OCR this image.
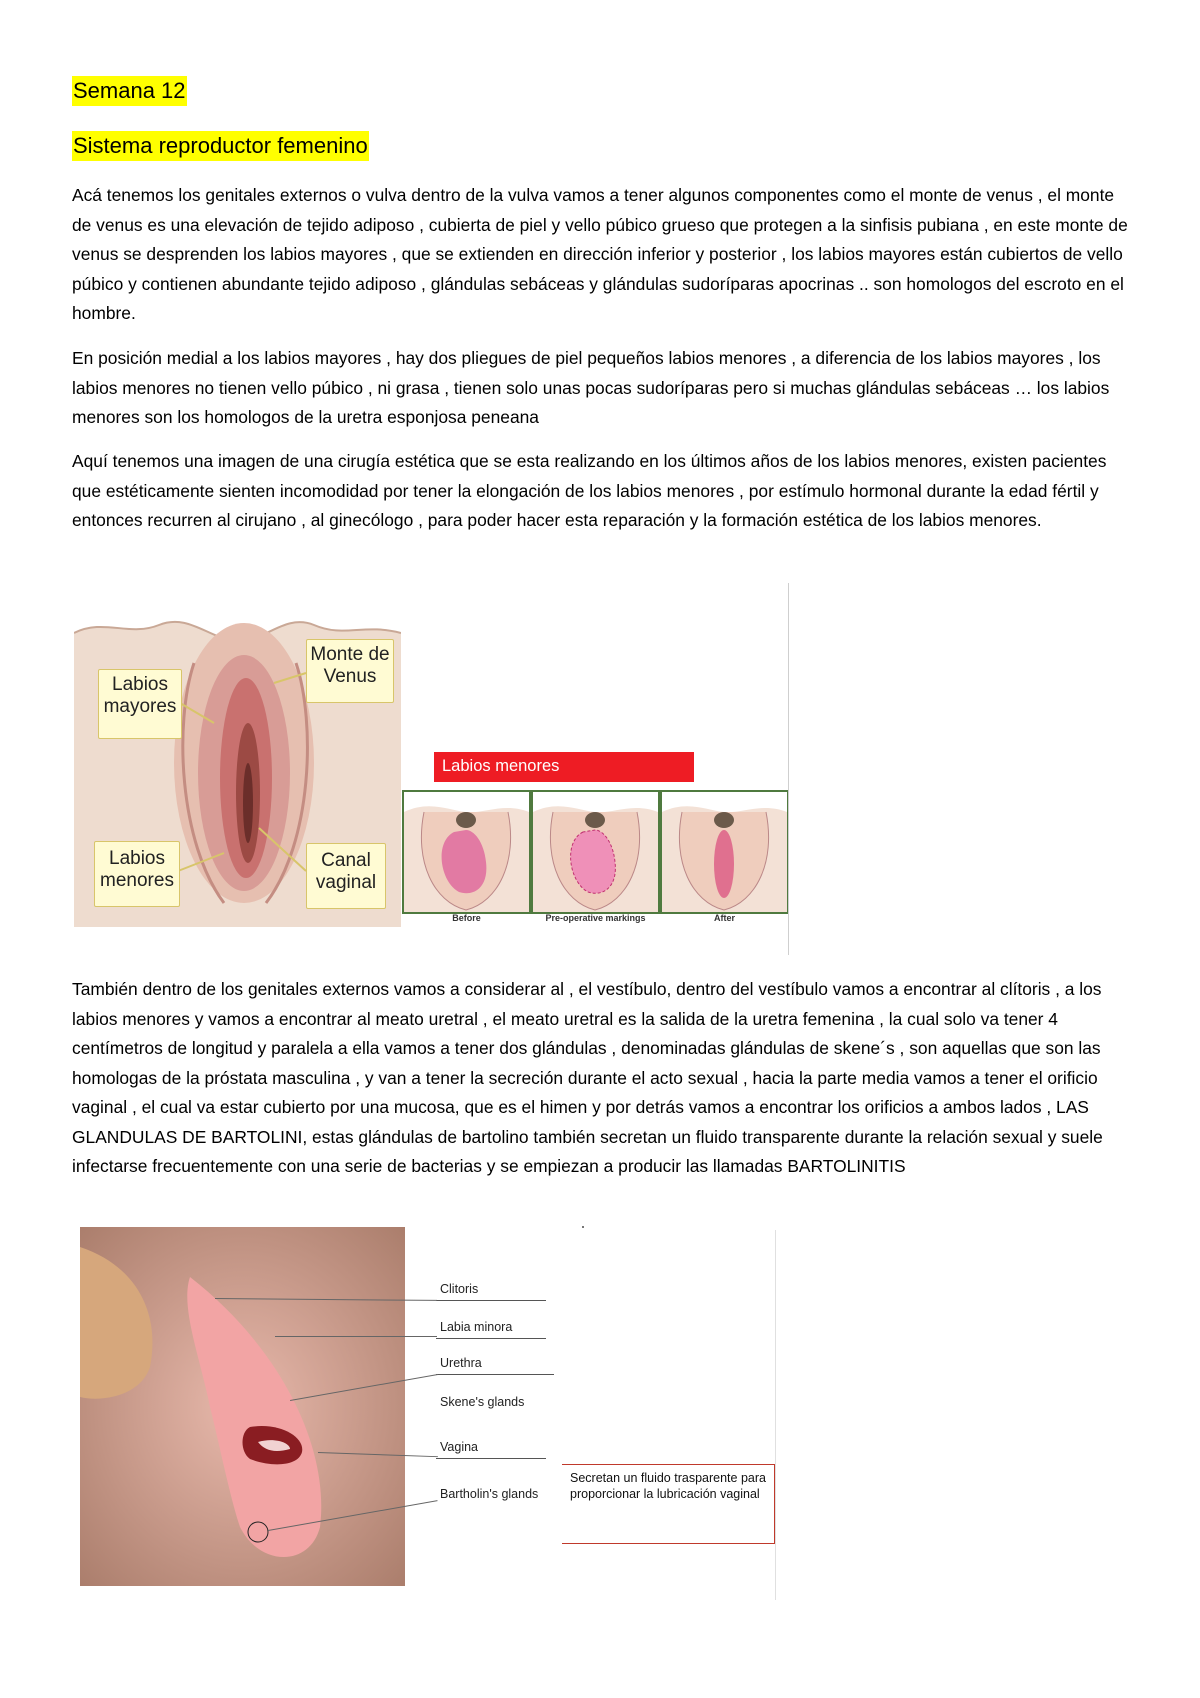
Semana 12
Sistema reproductor femenino

Acá tenemos los genitales externos o vulva dentro de la vulva vamos a tener algunos componentes como el monte de venus , el monte de venus es una elevación de tejido adiposo , cubierta de piel y vello púbico grueso que protegen a la sinfisis pubiana , en este monte de venus se desprenden los labios mayores , que se extienden en dirección inferior y posterior , los labios mayores están cubiertos de vello púbico y contienen abundante tejido adiposo , glándulas sebáceas y glándulas sudoríparas apocrinas .. son homologos del escroto en el hombre.

En posición medial a los labios mayores , hay dos pliegues de piel pequeños labios menores , a diferencia de los labios mayores , los labios menores no tienen vello púbico , ni grasa , tienen solo unas pocas sudoríparas pero si muchas glándulas sebáceas … los labios menores son los homologos de la uretra esponjosa peneana

Aquí tenemos una imagen de una cirugía estética que se esta realizando en los últimos años de los labios menores, existen pacientes que estéticamente sienten incomodidad por tener la elongación de los labios menores , por estímulo hormonal durante la edad fértil y entonces recurren al cirujano , al ginecólogo , para poder hacer esta reparación y la formación estética de los labios menores.

Labios mayores
Monte de Venus
Labios menores
Canal vaginal
Labios menores
Before	Pre-operative markings	After

También dentro de los genitales externos vamos a considerar al , el vestíbulo, dentro del vestíbulo vamos a encontrar al clítoris , a los labios menores y vamos a encontrar al meato uretral , el meato uretral es la salida de la uretra femenina , la cual solo va tener 4 centímetros de longitud y paralela a ella vamos a tener dos glándulas , denominadas glándulas de skene´s , son aquellas que son las homologas de la próstata masculina , y van a tener la secreción durante el acto sexual , hacia la parte media vamos a tener el orificio vaginal , el cual va estar cubierto por una mucosa, que es el himen y por detrás vamos a encontrar los orificios a ambos lados , LAS GLANDULAS DE BARTOLINI, estas glándulas de bartolino también secretan un fluido transparente durante la relación sexual y suele infectarse frecuentemente con una serie de bacterias y se empiezan a producir las llamadas BARTOLINITIS

Clitoris
Labia minora
Urethra
Skene's glands
Vagina
Bartholin's glands
Secretan un fluido trasparente para proporcionar la lubricación vaginal
